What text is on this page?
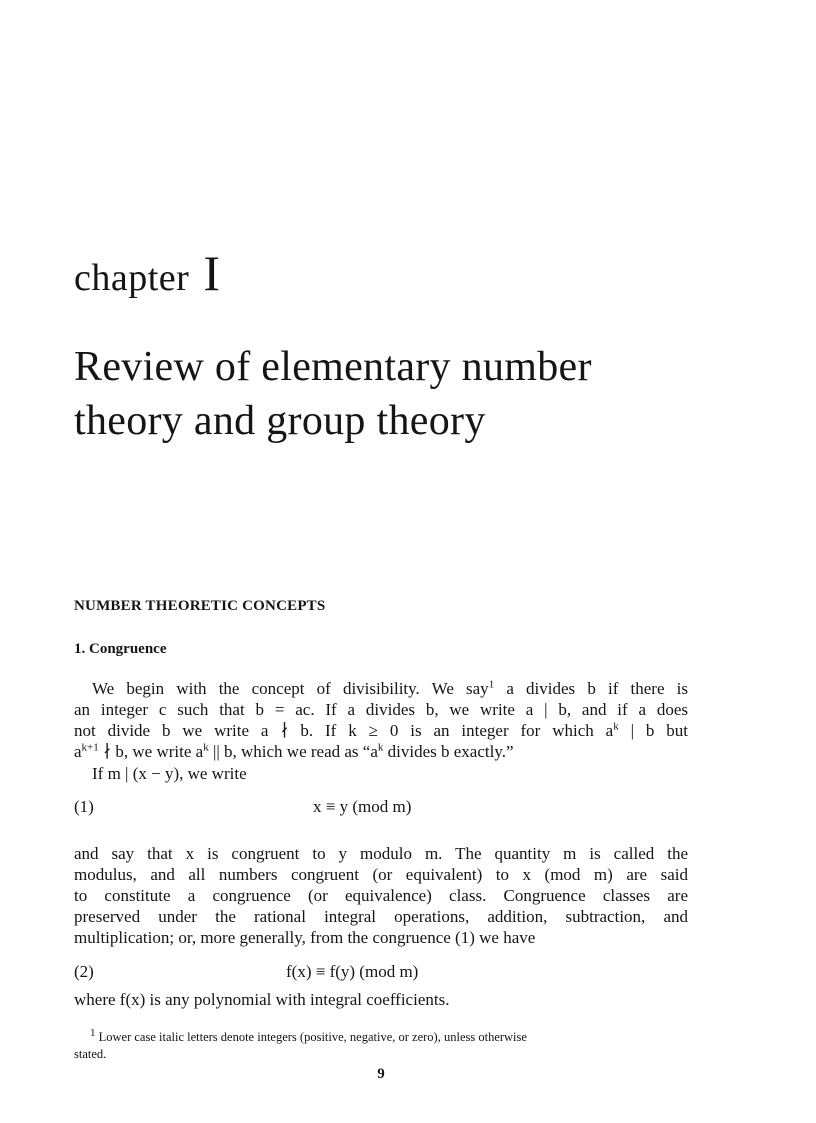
chapter I
Review of elementary number
theory and group theory
NUMBER THEORETIC CONCEPTS
1. Congruence
We begin with the concept of divisibility. We say$^1$ a divides b if there is
an integer c such that b = ac. If a divides b, we write a | b, and if a does
not divide b we write a ∤ b. If k ≥ 0 is an integer for which $a^k$ | b but
$a^{k+1}$ ∤ b, we write $a^k$ || b, which we read as “$a^k$ divides b exactly.”
If m | (x − y), we write
(1)	x ≡ y (mod m)
and say that x is congruent to y modulo m. The quantity m is called the
modulus, and all numbers congruent (or equivalent) to x (mod m) are said
to constitute a congruence (or equivalence) class. Congruence classes are
preserved under the rational integral operations, addition, subtraction, and
multiplication; or, more generally, from the congruence (1) we have
(2)	f(x) ≡ f(y) (mod m)
where f(x) is any polynomial with integral coefficients.
$^1$ Lower case italic letters denote integers (positive, negative, or zero), unless otherwise
stated.
9
